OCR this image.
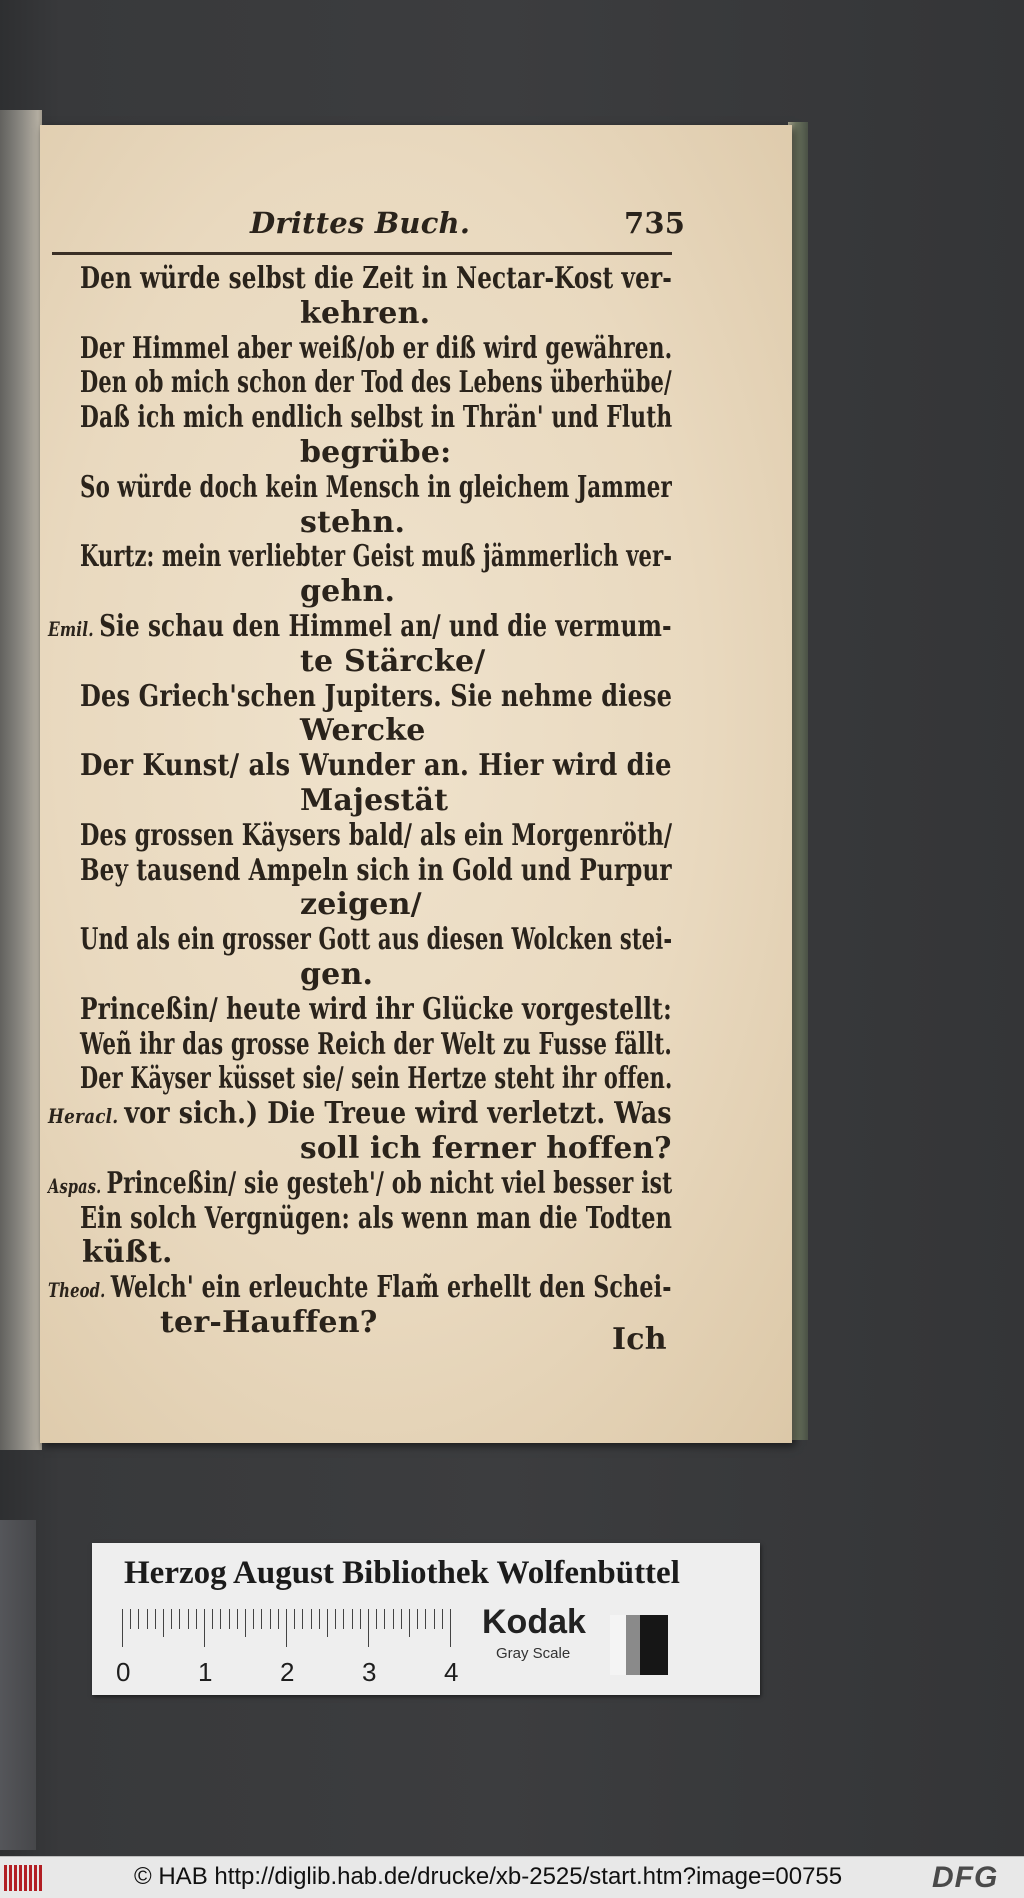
Drittes Buch.	735
Den würde selbst die Zeit in Nectar-Kost ver-
kehren.
Der Himmel aber weiß/ob er diß wird gewähren.
Den ob mich schon der Tod des Lebens überhübe/
Daß ich mich endlich selbst in Thrän' und Fluth
begrübe:
So würde doch kein Mensch in gleichem Jammer
stehn.
Kurtz: mein verliebter Geist muß jämmerlich ver-
gehn.
Emil. Sie schau den Himmel an/ und die vermum-
te Stärcke/
Des Griech'schen Jupiters. Sie nehme diese
Wercke
Der Kunst/ als Wunder an. Hier wird die
Majestät
Des grossen Käysers bald/ als ein Morgenröth/
Bey tausend Ampeln sich in Gold und Purpur
zeigen/
Und als ein grosser Gott aus diesen Wolcken stei-
gen.
Princeßin/ heute wird ihr Glücke vorgestellt:
Weñ ihr das grosse Reich der Welt zu Fusse fällt.
Der Käyser küsset sie/ sein Hertze steht ihr offen.
Heracl. vor sich.) Die Treue wird verletzt. Was
soll ich ferner hoffen?
Aspas. Princeßin/ sie gesteh'/ ob nicht viel besser ist
Ein solch Vergnügen: als wenn man die Todten
küßt.
Theod. Welch' ein erleuchte Flam̃ erhellt den Schei-
ter-Hauffen?	Ich
Herzog August Bibliothek Wolfenbüttel
0	1	2	3	4
Kodak
Gray Scale
© HAB http://diglib.hab.de/drucke/xb-2525/start.htm?image=00755	DFG
